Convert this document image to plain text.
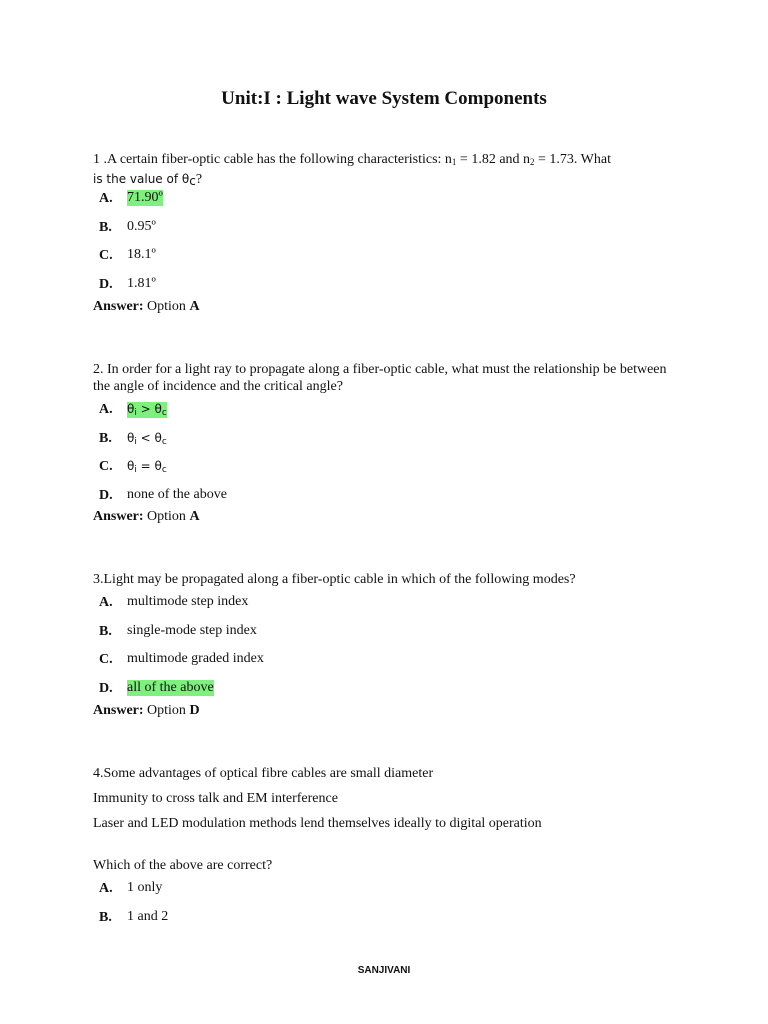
Unit:I : Light wave System Components
1 .A certain fiber-optic cable has the following characteristics: $n_1 = 1.82$ and $n_2 = 1.73$. What
is the value of $\theta_c$?
A. 71.90º
B. 0.95º
C. 18.1º
D. 1.81º
Answer: Option A
2. In order for a light ray to propagate along a fiber-optic cable, what must the relationship be between the angle of incidence and the critical angle?
A. $\theta_i > \theta_c$
B. $\theta_i < \theta_c$
C. $\theta_i = \theta_c$
D. none of the above
Answer: Option A
3.Light may be propagated along a fiber-optic cable in which of the following modes?
A. multimode step index
B. single-mode step index
C. multimode graded index
D. all of the above
Answer: Option D
4.Some advantages of optical fibre cables are small diameter
Immunity to cross talk and EM interference
Laser and LED modulation methods lend themselves ideally to digital operation
Which of the above are correct?
A. 1 only
B. 1 and 2
SANJIVANI
